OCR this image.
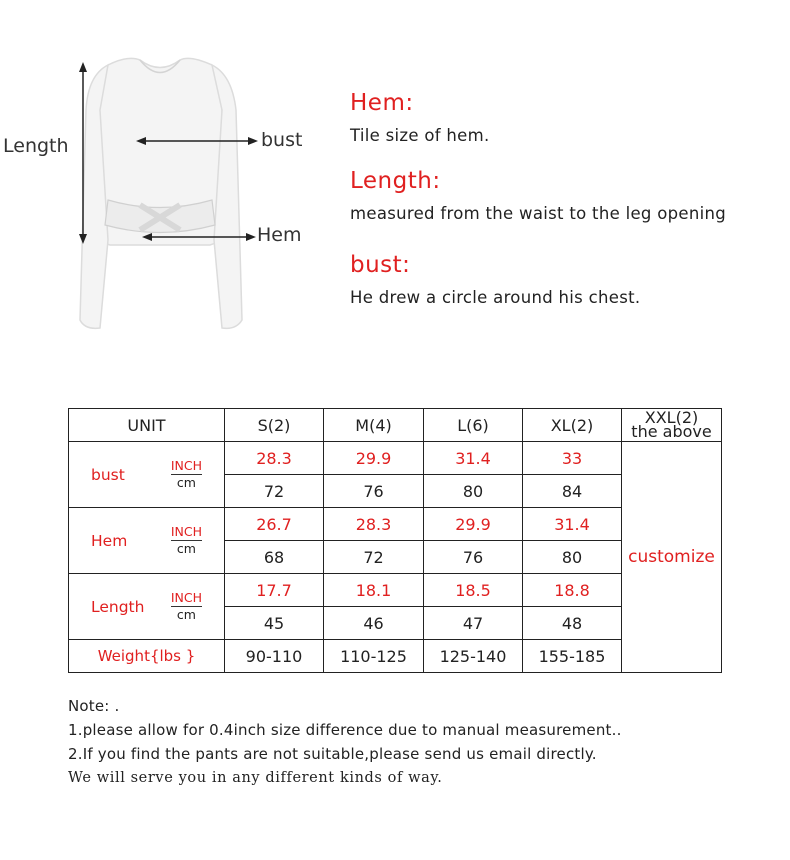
Length	bust
Hem
Hem:
Tile size of hem.
Length:
measured from the waist to the leg opening
bust:
He drew a circle around his chest.
UNIT	S(2)	M(4)	L(6)	XL(2)	XXL(2)
the above

bust $\frac{\text{INCH}}{cm}$	28.3	29.9	31.4	33	customize
	72	76	80	84	

Hem $\frac{\text{INCH}}{cm}$	26.7	28.3	29.9	31.4	
	68	72	76	80	

Length $\frac{\text{INCH}}{cm}$	17.7	18.1	18.5	18.8	
	45	46	47	48	
Weight{lbs }	90-110	110-125	125-140	155-185	
Note: .
1.please allow for 0.4inch size difference due to manual measurement..
2.If you find the pants are not suitable,please send us email directly.
We will serve you in any different kinds of way.
